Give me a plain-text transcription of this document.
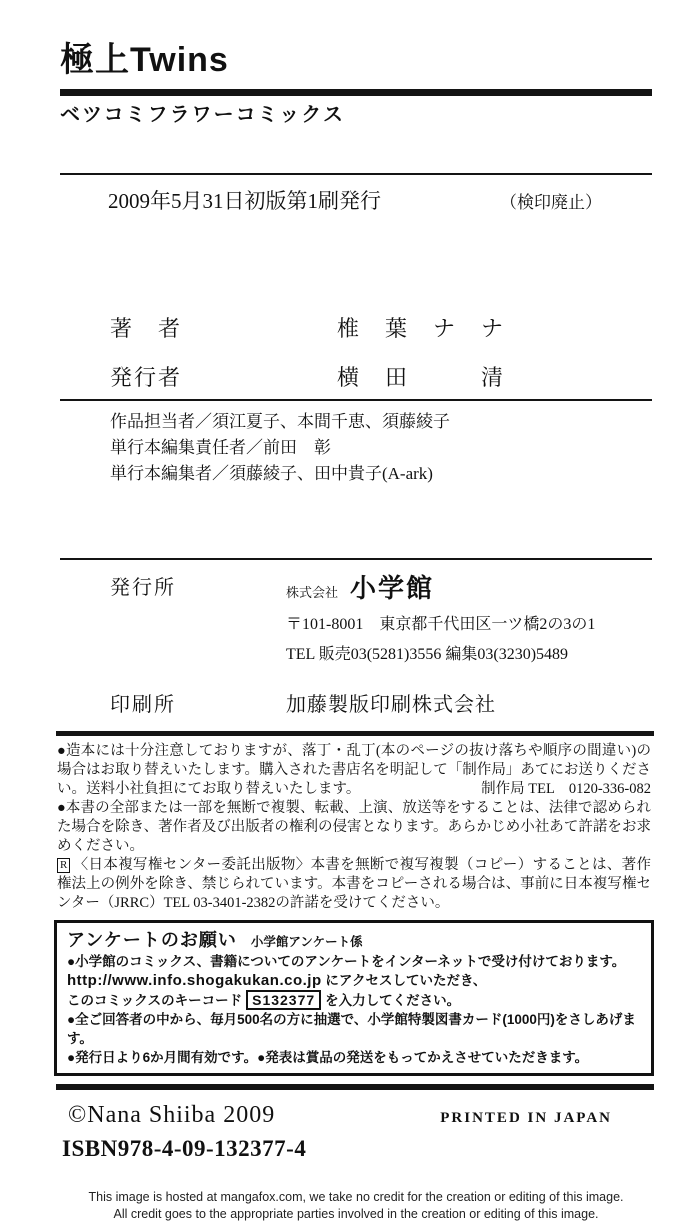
極上Twins
ベツコミフラワーコミックス
2009年5月31日初版第1刷発行	（検印廃止）
著　者	椎　葉　ナ　ナ
発行者	横　田　　　清
作品担当者／須江夏子、本間千恵、須藤綾子
単行本編集責任者／前田　彰
単行本編集者／須藤綾子、田中貴子(A-ark)
発行所	株式会社 小学館
〒101-8001　東京都千代田区一ツ橋2の3の1
TEL 販売03(5281)3556 編集03(3230)5489
印刷所	加藤製版印刷株式会社
●造本には十分注意しておりますが、落丁・乱丁(本のページの抜け落ちや順序の間違い)の場合はお取り替えいたします。購入された書店名を明記して「制作局」あてにお送りください。送料小社負担にてお取り替えいたします。	制作局 TEL　0120-336-082
●本書の全部または一部を無断で複製、転載、上演、放送等をすることは、法律で認められた場合を除き、著作者及び出版者の権利の侵害となります。あらかじめ小社あて許諾をお求めください。
R 〈日本複写権センター委託出版物〉本書を無断で複写複製（コピー）することは、著作権法上の例外を除き、禁じられています。本書をコピーされる場合は、事前に日本複写権センター（JRRC）TEL 03-3401-2382の許諾を受けてください。
アンケートのお願い 小学館アンケート係
●小学館のコミックス、書籍についてのアンケートをインターネットで受け付けております。
http://www.info.shogakukan.co.jp にアクセスしていただき、
このコミックスのキーコード S132377 を入力してください。
●全ご回答者の中から、毎月500名の方に抽選で、小学館特製図書カード(1000円)をさしあげます。
●発行日より6か月間有効です。●発表は賞品の発送をもってかえさせていただきます。
©Nana Shiiba 2009	PRINTED IN JAPAN
ISBN978-4-09-132377-4
This image is hosted at mangafox.com, we take no credit for the creation or editing of this image.
All credit goes to the appropriate parties involved in the creation or editing of this image.
